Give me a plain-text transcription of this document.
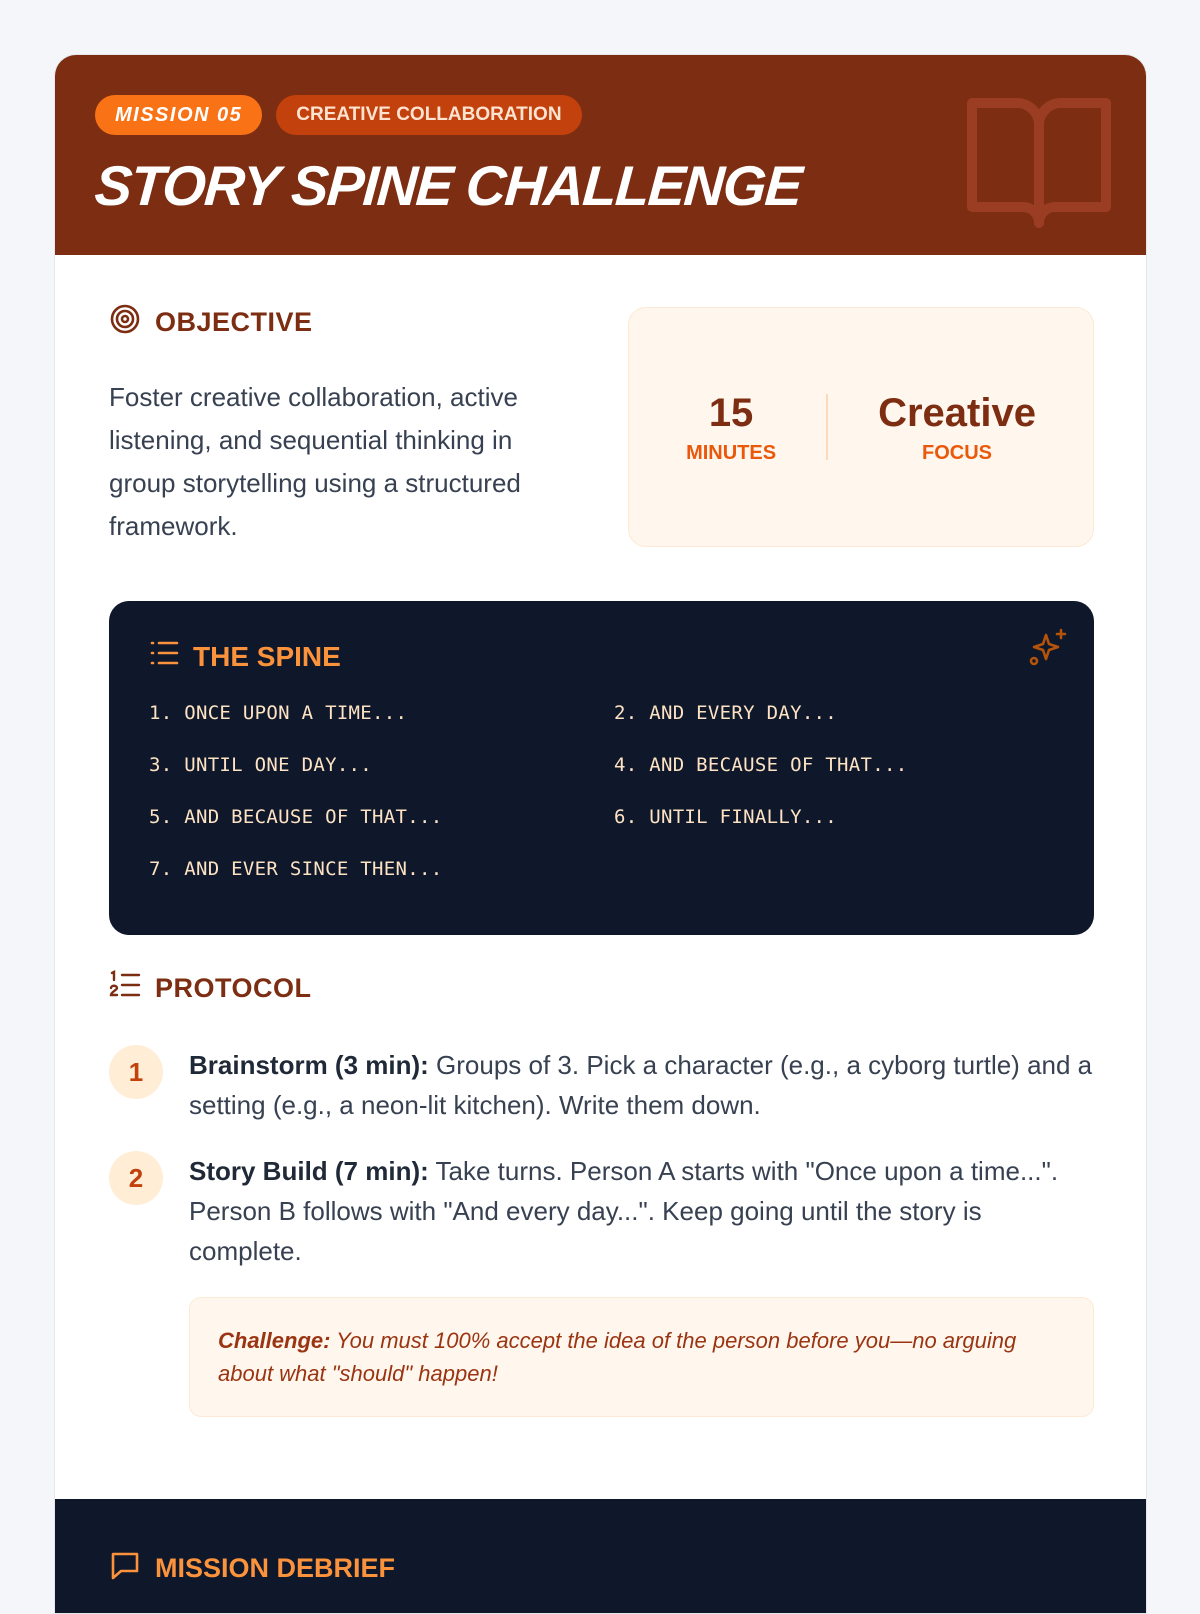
MISSION 05	CREATIVE COLLABORATION
STORY SPINE CHALLENGE
OBJECTIVE

Foster creative collaboration, active listening, and sequential thinking in group storytelling using a structured framework.

15
MINUTES
Creative
FOCUS
THE SPINE
1. ONCE UPON A TIME...	2. AND EVERY DAY...
3. UNTIL ONE DAY...	4. AND BECAUSE OF THAT...
5. AND BECAUSE OF THAT...	6. UNTIL FINALLY...
7. AND EVER SINCE THEN...
PROTOCOL
1	Brainstorm (3 min): Groups of 3. Pick a character (e.g., a cyborg turtle) and a setting (e.g., a neon-lit kitchen). Write them down.
2	Story Build (7 min): Take turns. Person A starts with "Once upon a time...". Person B follows with "And every day...". Keep going until the story is complete.
Challenge: You must 100% accept the idea of the person before you—no arguing about what "should" happen!
MISSION DEBRIEF
